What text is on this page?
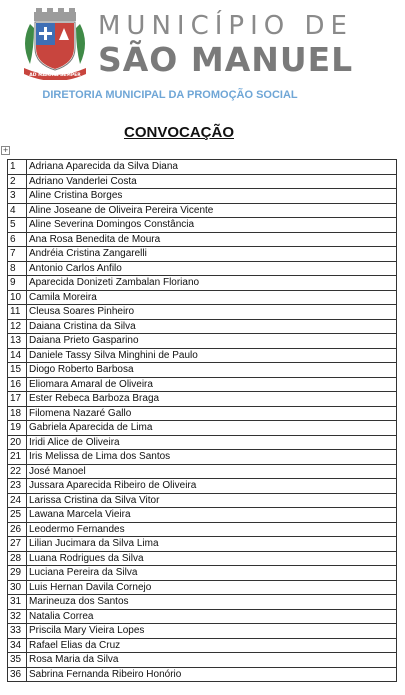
AD MAIORA SEMPER
MUNICÍPIO DE
SÃO MANUEL
DIRETORIA MUNICIPAL DA PROMOÇÃO SOCIAL
CONVOCAÇÃO
+
1	Adriana Aparecida da Silva Diana
2	Adriano Vanderlei Costa
3	Aline Cristina Borges
4	Aline Joseane de Oliveira Pereira Vicente
5	Aline Severina Domingos Constância
6	Ana Rosa Benedita de Moura
7	Andréia Cristina Zangarelli
8	Antonio Carlos Anfilo
9	Aparecida Donizeti Zambalan Floriano
10	Camila Moreira
11	Cleusa Soares Pinheiro
12	Daiana Cristina da Silva
13	Daiana Prieto Gasparino
14	Daniele Tassy Silva Minghini de Paulo
15	Diogo Roberto Barbosa
16	Eliomara Amaral de Oliveira
17	Ester Rebeca Barboza Braga
18	Filomena Nazaré Gallo
19	Gabriela Aparecida de Lima
20	Iridi Alice de Oliveira
21	Iris Melissa de Lima dos Santos
22	José Manoel
23	Jussara Aparecida Ribeiro de Oliveira
24	Larissa Cristina da Silva Vitor
25	Lawana Marcela Vieira
26	Leodermo Fernandes
27	Lilian Jucimara da Silva Lima
28	Luana Rodrigues da Silva
29	Luciana Pereira da Silva
30	Luis Hernan Davila Cornejo
31	Marineuza dos Santos
32	Natalia Correa
33	Priscila Mary Vieira Lopes
34	Rafael Elias da Cruz
35	Rosa Maria da Silva
36	Sabrina Fernanda Ribeiro Honório
